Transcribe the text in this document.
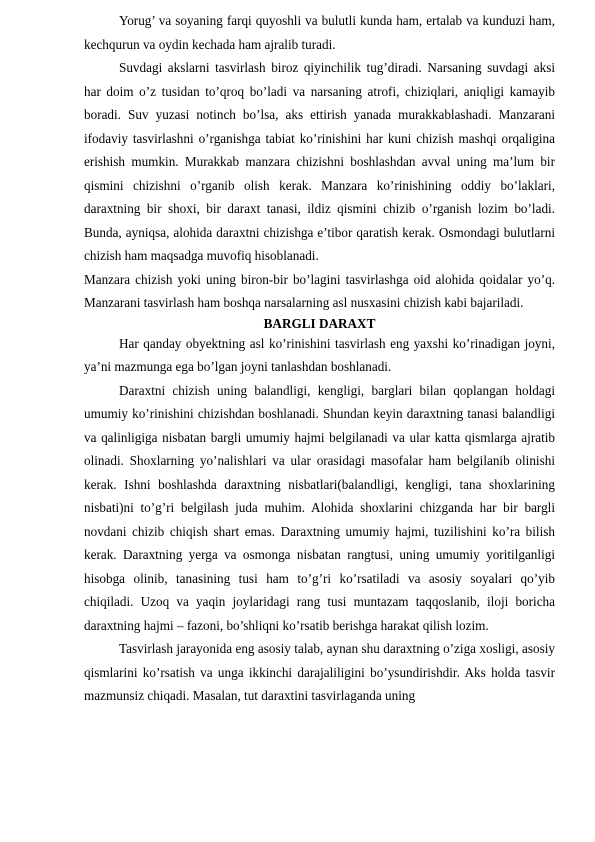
Yorug’ va soyaning farqi quyoshli va bulutli kunda ham, ertalab va kunduzi ham, kechqurun va oydin kechada ham ajralib turadi.

Suvdagi akslarni tasvirlash biroz qiyinchilik tug’diradi. Narsaning suvdagi aksi har doim o’z tusidan to’qroq bo’ladi va narsaning atrofi, chiziqlari, aniqligi kamayib boradi. Suv yuzasi notinch bo’lsa, aks ettirish yanada murakkablashadi. Manzarani ifodaviy tasvirlashni o’rganishga tabiat ko’rinishini har kuni chizish mashqi orqaligina erishish mumkin. Murakkab manzara chizishni boshlashdan avval uning ma’lum bir qismini chizishni o’rganib olish kerak. Manzara ko’rinishining oddiy bo’laklari, daraxtning bir shoxi, bir daraxt tanasi, ildiz qismini chizib o’rganish lozim bo’ladi. Bunda, ayniqsa, alohida daraxtni chizishga e’tibor qaratish kerak. Osmondagi bulutlarni chizish ham maqsadga muvofiq hisoblanadi.

Manzara chizish yoki uning biron-bir bo’lagini tasvirlashga oid alohida qoidalar yo’q. Manzarani tasvirlash ham boshqa narsalarning asl nusxasini chizish kabi bajariladi.

BARGLI DARAXT

Har qanday obyektning asl ko’rinishini tasvirlash eng yaxshi ko’rinadigan joyni, ya’ni mazmunga ega bo’lgan joyni tanlashdan boshlanadi.

Daraxtni chizish uning balandligi, kengligi, barglari bilan qoplangan holdagi umumiy ko’rinishini chizishdan boshlanadi. Shundan keyin daraxtning tanasi balandligi va qalinligiga nisbatan bargli umumiy hajmi belgilanadi va ular katta qismlarga ajratib olinadi. Shoxlarning yo’nalishlari va ular orasidagi masofalar ham belgilanib olinishi kerak. Ishni boshlashda daraxtning nisbatlari(balandligi, kengligi, tana shoxlarining nisbati)ni to’g’ri belgilash juda muhim. Alohida shoxlarini chizganda har bir bargli novdani chizib chiqish shart emas. Daraxtning umumiy hajmi, tuzilishini ko’ra bilish kerak. Daraxtning yerga va osmonga nisbatan rangtusi, uning umumiy yoritilganligi hisobga olinib, tanasining tusi ham to’g’ri ko’rsatiladi va asosiy soyalari qo’yib chiqiladi. Uzoq va yaqin joylaridagi rang tusi muntazam taqqoslanib, iloji boricha daraxtning hajmi – fazoni, bo’shliqni ko’rsatib berishga harakat qilish lozim.

Tasvirlash jarayonida eng asosiy talab, aynan shu daraxtning o’ziga xosligi, asosiy qismlarini ko’rsatish va unga ikkinchi darajaliligini bo’ysundirishdir. Aks holda tasvir mazmunsiz chiqadi. Masalan, tut daraxtini tasvirlaganda uning
